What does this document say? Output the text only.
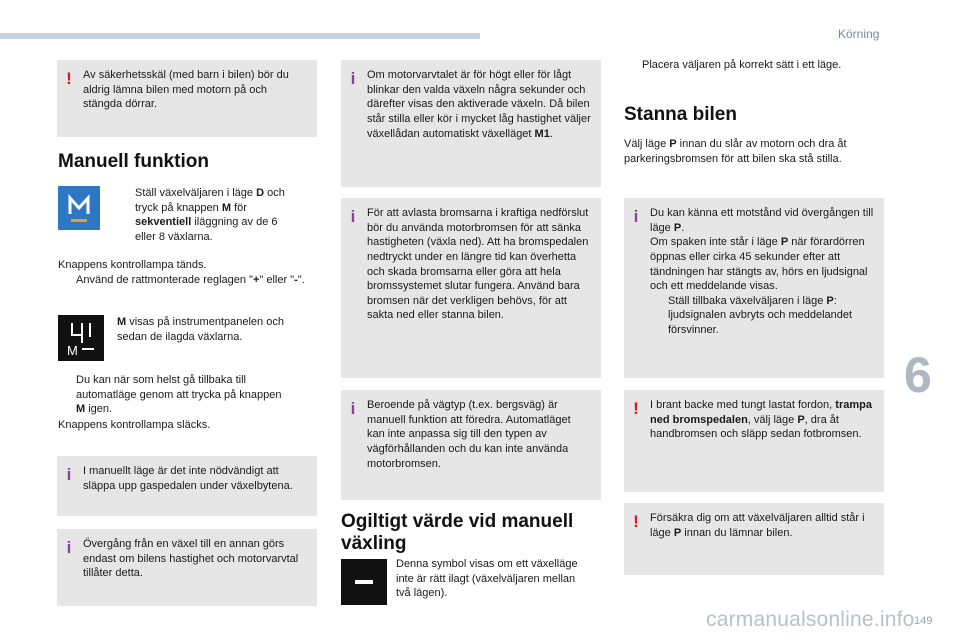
Körning
6
149
carmanualsonline.info
! Av säkerhetsskäl (med barn i bilen) bör du aldrig lämna bilen med motorn på och stängda dörrar.
Manuell funktion
Ställ växelväljaren i läge D och tryck på knappen M för sekventiell iläggning av de 6 eller 8 växlarna.
Knappens kontrollampa tänds.
Använd de rattmonterade reglagen "+" eller "-".
M
M visas på instrumentpanelen och sedan de ilagda växlarna.
Du kan när som helst gå tillbaka till automatläge genom att trycka på knappen M igen.
Knappens kontrollampa släcks.
i I manuellt läge är det inte nödvändigt att släppa upp gaspedalen under växelbytena.
i Övergång från en växel till en annan görs endast om bilens hastighet och motorvarvtal tillåter detta.
i Om motorvarvtalet är för högt eller för lågt blinkar den valda växeln några sekunder och därefter visas den aktiverade växeln. Då bilen står stilla eller kör i mycket låg hastighet väljer växellådan automatiskt växelläget M1.
i För att avlasta bromsarna i kraftiga nedförslut bör du använda motorbromsen för att sänka hastigheten (växla ned). Att ha bromspedalen nedtryckt under en längre tid kan överhetta och skada bromsarna eller göra att hela bromssystemet slutar fungera. Använd bara bromsen när det verkligen behövs, för att sakta ned eller stanna bilen.
i Beroende på vägtyp (t.ex. bergsväg) är manuell funktion att föredra. Automatläget kan inte anpassa sig till den typen av vägförhållanden och du kan inte använda motorbromsen.
Ogiltigt värde vid manuell växling
Denna symbol visas om ett växelläge inte är rätt ilagt (växelväljaren mellan två lägen).
Placera väljaren på korrekt sätt i ett läge.
Stanna bilen
Välj läge P innan du slår av motorn och dra åt parkeringsbromsen för att bilen ska stå stilla.
i Du kan känna ett motstånd vid övergången till läge P.
Om spaken inte står i läge P när förardörren öppnas eller cirka 45 sekunder efter att tändningen har stängts av, hörs en ljudsignal och ett meddelande visas.
Ställ tillbaka växelväljaren i läge P: ljudsignalen avbryts och meddelandet försvinner.
! I brant backe med tungt lastat fordon, trampa ned bromspedalen, välj läge P, dra åt handbromsen och släpp sedan fotbromsen.
! Försäkra dig om att växelväljaren alltid står i läge P innan du lämnar bilen.
